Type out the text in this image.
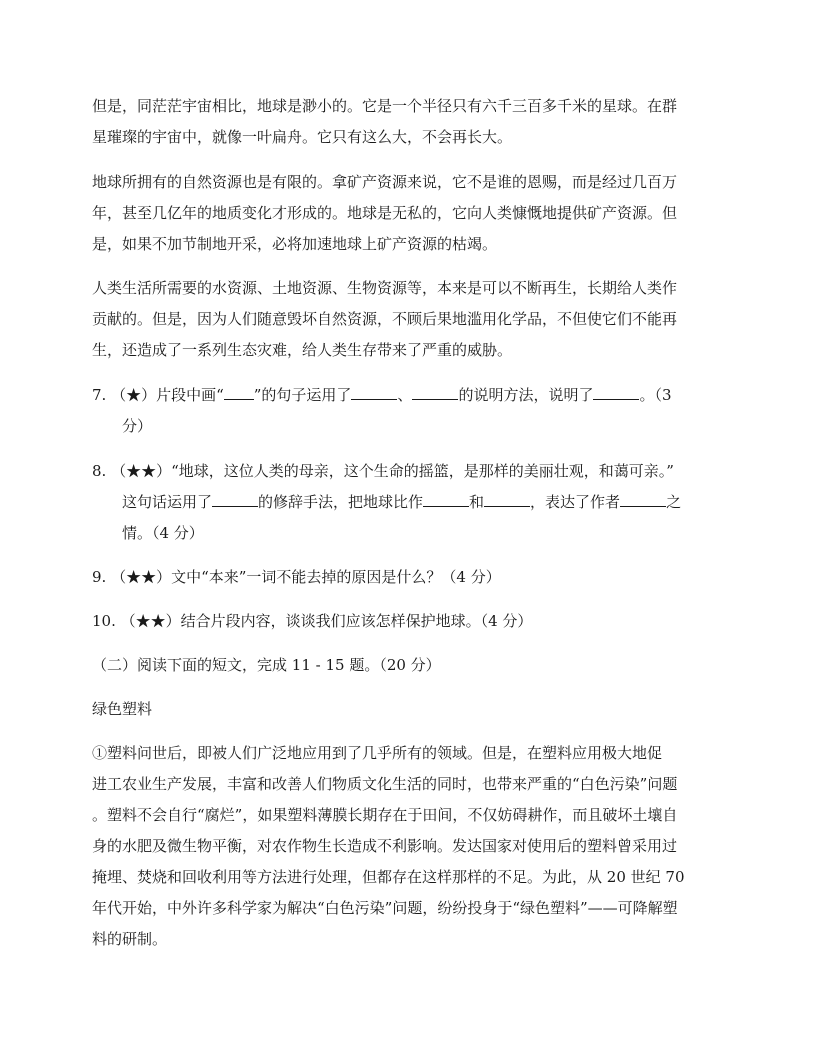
但是，同茫茫宇宙相比，地球是渺小的。它是一个半径只有六千三百多千米的星球。在群
星璀璨的宇宙中，就像一叶扁舟。它只有这么大，不会再长大。
地球所拥有的自然资源也是有限的。拿矿产资源来说，它不是谁的恩赐，而是经过几百万
年，甚至几亿年的地质变化才形成的。地球是无私的，它向人类慷慨地提供矿产资源。但
是，如果不加节制地开采，必将加速地球上矿产资源的枯竭。
人类生活所需要的水资源、土地资源、生物资源等，本来是可以不断再生，长期给人类作
贡献的。但是，因为人们随意毁坏自然资源，不顾后果地滥用化学品，不但使它们不能再
生，还造成了一系列生态灾难，给人类生存带来了严重的威胁。
7. （★）片段中画“ ”的句子运用了	、	的说明方法，说明了	。（3
分）
8. （★★）“地球，这位人类的母亲，这个生命的摇篮，是那样的美丽壮观，和蔼可亲。”
这句话运用了	的修辞手法，把地球比作	和	，表达了作者	之
情。（4 分）
9. （★★）文中“本来”一词不能去掉的原因是什么？（4 分）
10. （★★）结合片段内容，谈谈我们应该怎样保护地球。（4 分）
（二）阅读下面的短文，完成 11 - 15 题。（20 分）
绿色塑料
①塑料问世后，即被人们广泛地应用到了几乎所有的领域。但是，在塑料应用极大地促
进工农业生产发展，丰富和改善人们物质文化生活的同时，也带来严重的“白色污染”问题
。塑料不会自行“腐烂”，如果塑料薄膜长期存在于田间，不仅妨碍耕作，而且破坏土壤自
身的水肥及微生物平衡，对农作物生长造成不利影响。发达国家对使用后的塑料曾采用过
掩埋、焚烧和回收利用等方法进行处理，但都存在这样那样的不足。为此，从 20 世纪 70
年代开始，中外许多科学家为解决“白色污染”问题，纷纷投身于“绿色塑料”——可降解塑
料的研制。
